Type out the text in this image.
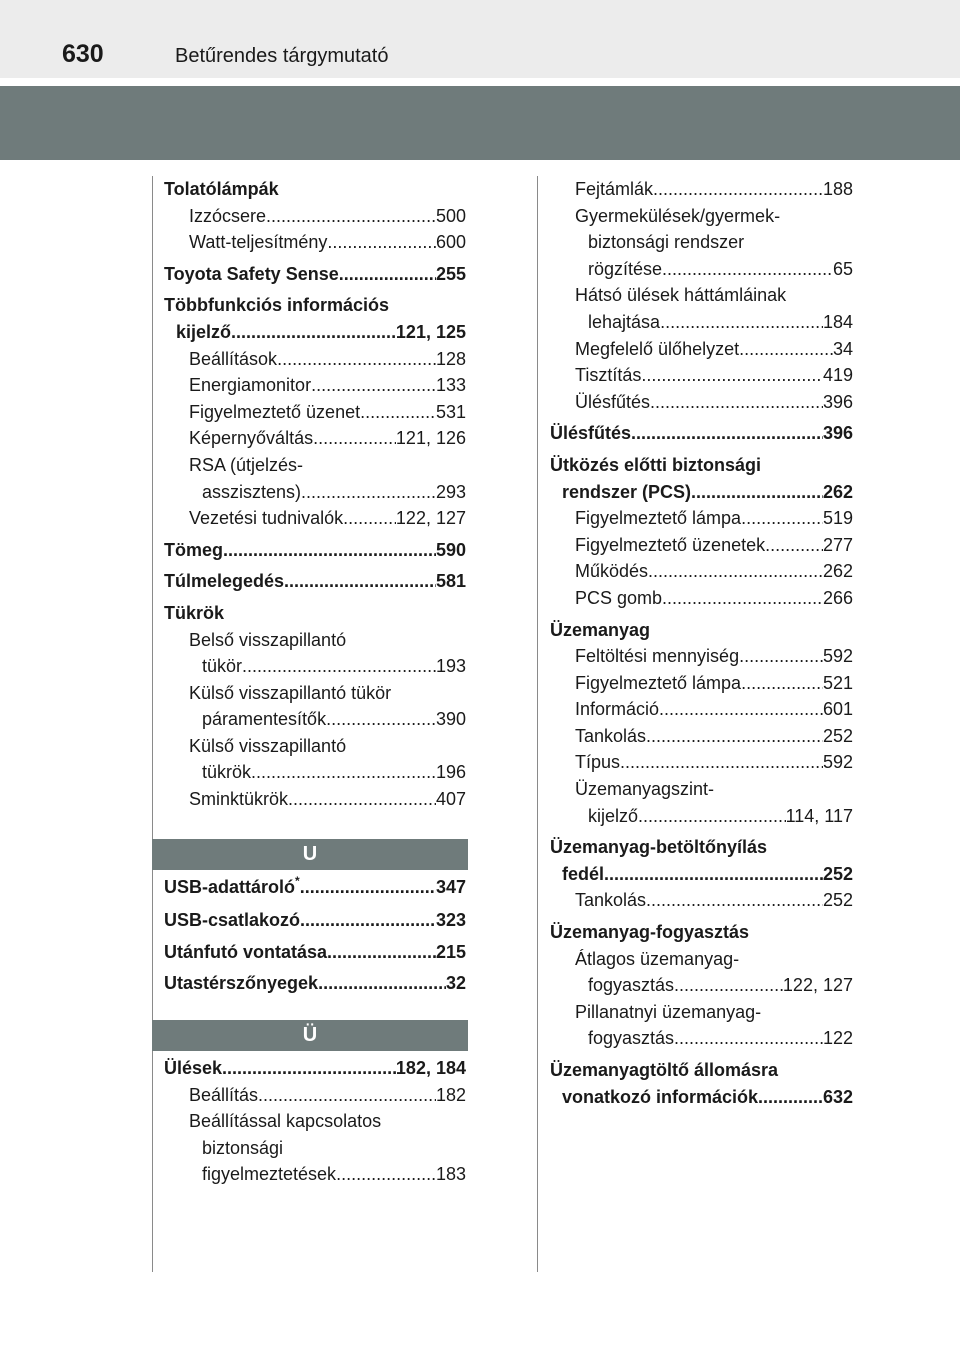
630	Betűrendes tárgymutató
Tolatólámpák
Izzócsere .....	500
Watt-teljesítmény .....	600
Toyota Safety Sense .....	255
Többfunkciós információs
kijelző .....	121, 125
Beállítások .....	128
Energiamonitor .....	133
Figyelmeztető üzenet .....	531
Képernyőváltás .....	121, 126
RSA (útjelzés-
asszisztens) .....	293
Vezetési tudnivalók .....	122, 127
Tömeg .....	590
Túlmelegedés .....	581
Tükrök
Belső visszapillantó
tükör .....	193
Külső visszapillantó tükör
páramentesítők .....	390
Külső visszapillantó
tükrök .....	196
Sminktükrök .....	407
U
USB-adattároló * .....	347
USB-csatlakozó .....	323
Utánfutó vontatása .....	215
Utastérszőnyegek .....	32
Ü
Ülések .....	182, 184
Beállítás .....	182
Beállítással kapcsolatos
biztonsági
figyelmeztetések .....	183
Fejtámlák .....	188
Gyermekülések/gyermek-
biztonsági rendszer
rögzítése .....	65
Hátsó ülések háttámláinak
lehajtása .....	184
Megfelelő ülőhelyzet .....	34
Tisztítás .....	419
Ülésfűtés .....	396
Ülésfűtés .....	396
Ütközés előtti biztonsági
rendszer (PCS) .....	262
Figyelmeztető lámpa .....	519
Figyelmeztető üzenetek .....	277
Működés .....	262
PCS gomb .....	266
Üzemanyag
Feltöltési mennyiség .....	592
Figyelmeztető lámpa .....	521
Információ .....	601
Tankolás .....	252
Típus .....	592
Üzemanyagszint-
kijelző .....	114, 117
Üzemanyag-betöltőnyílás
fedél .....	252
Tankolás .....	252
Üzemanyag-fogyasztás
Átlagos üzemanyag-
fogyasztás .....	122, 127
Pillanatnyi üzemanyag-
fogyasztás .....	122
Üzemanyagtöltő állomásra
vonatkozó információk .....	632
